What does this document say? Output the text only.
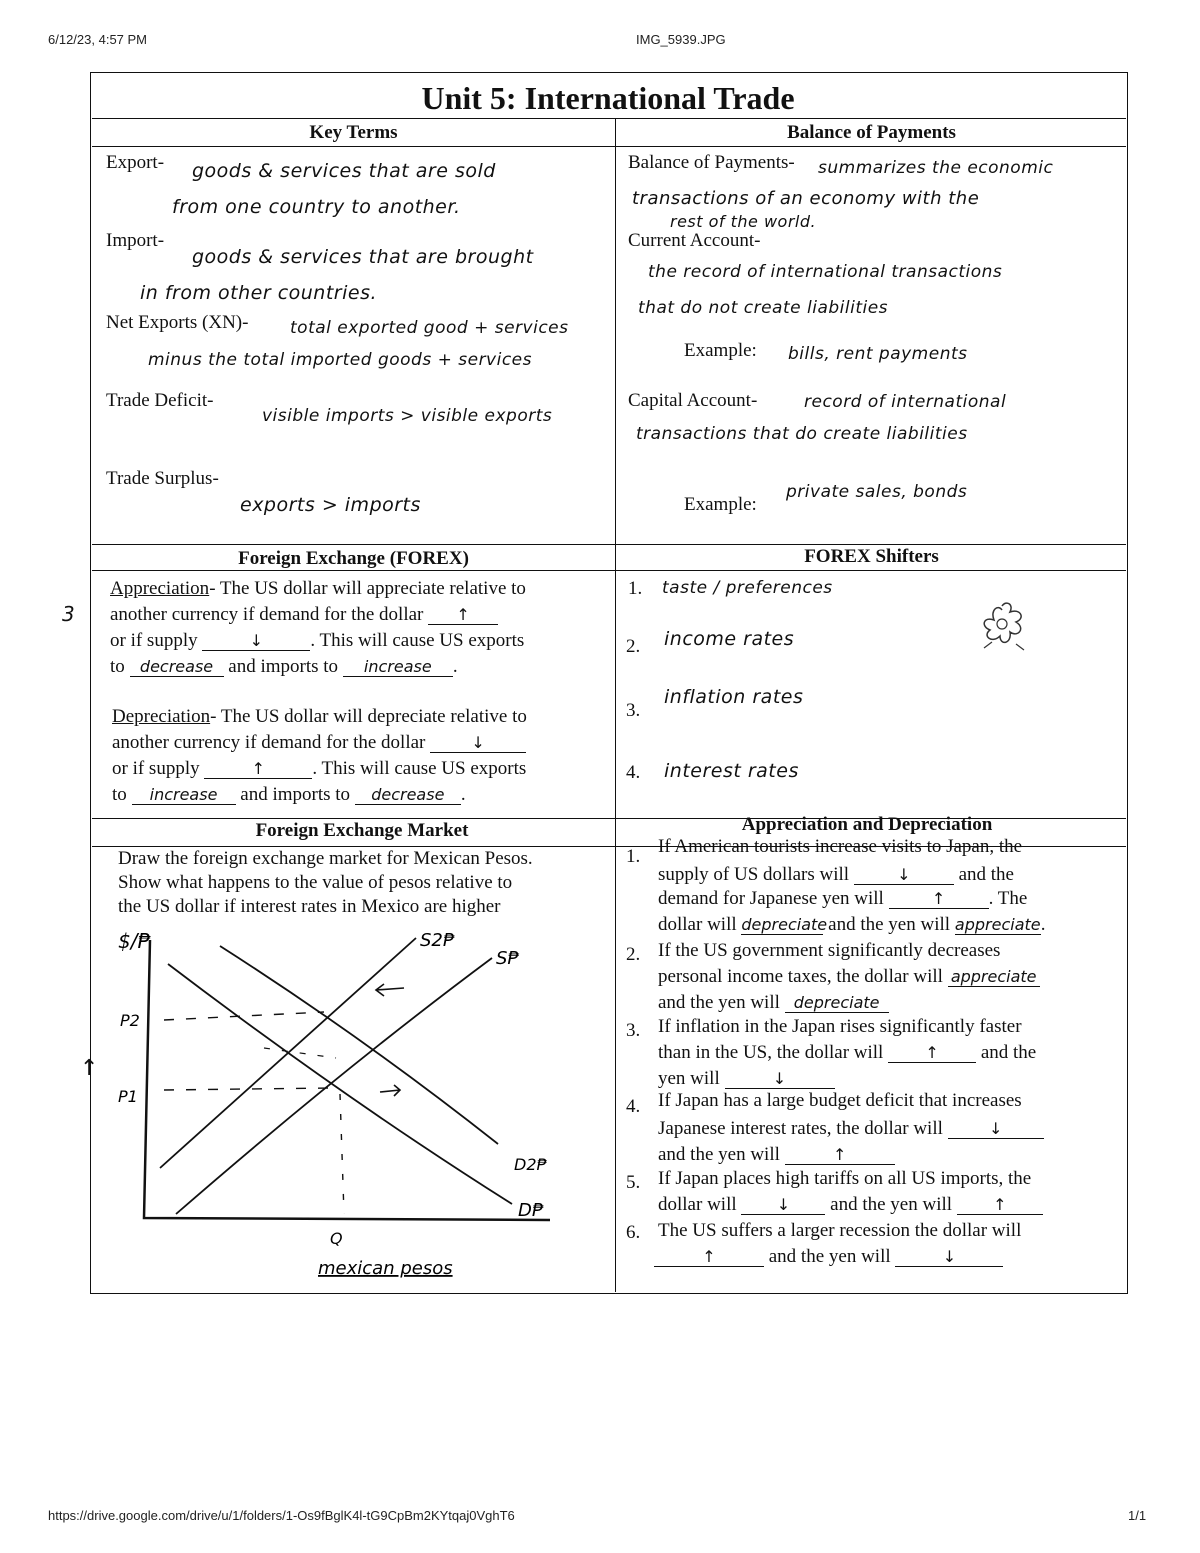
6/12/23, 4:57 PM	IMG_5939.JPG
https://drive.google.com/drive/u/1/folders/1-Os9fBglK4l-tG9CpBm2KYtqaj0VghT6	1/1
Unit 5: International Trade
Key Terms
Export- goods & services that are sold
from one country to another.
Import-
goods & services that are brought
in from other countries.
Net Exports (XN)- total exported good + services
minus the total imported goods + services
Trade Deficit-
visible imports > visible exports
Trade Surplus-
exports > imports
Balance of Payments
Balance of Payments- summarizes the economic
transactions of an economy with the
rest of the world.
Current Account-
the record of international transactions
that do not create liabilities
Example: bills, rent payments
Capital Account-	record of international
transactions that do create liabilities
Example:
private sales, bonds
Foreign Exchange (FOREX)
3
Appreciation- The US dollar will appreciate relative to
another currency if demand for the dollar ↑
or if supply	↓ . This will cause US exports
to decrease and imports to increase .
Depreciation- The US dollar will depreciate relative to
another currency if demand for the dollar	↓
or if supply	↑ . This will cause US exports
to increase and imports to decrease .
FOREX Shifters
1. taste / preferences
2. income rates
3.
inflation rates
4. interest rates
Foreign Exchange Market
Draw the foreign exchange market for Mexican Pesos.
Show what happens to the value of pesos relative to
the US dollar if interest rates in Mexico are higher
↑
$/₱
P2
P1
S2₱
S₱
D2₱
D₱
Q
mexican pesos
Appreciation and Depreciation
1. If American tourists increase visits to Japan, the
supply of US dollars will	↓	and the
demand for Japanese yen will	↑ . The
dollar will depreciate and the yen will appreciate.
2. If the US government significantly decreases
personal income taxes, the dollar will appreciate
and the yen will depreciate
3. If inflation in the Japan rises significantly faster
than in the US, the dollar will	↑ and the
yen will	↓
4. If Japan has a large budget deficit that increases
Japanese interest rates, the dollar will	↓
and the yen will	↑
5. If Japan places high tariffs on all US imports, the
dollar will	↓ and the yen will	↑
6. The US suffers a larger recession the dollar will
↑	and the yen will	↓
